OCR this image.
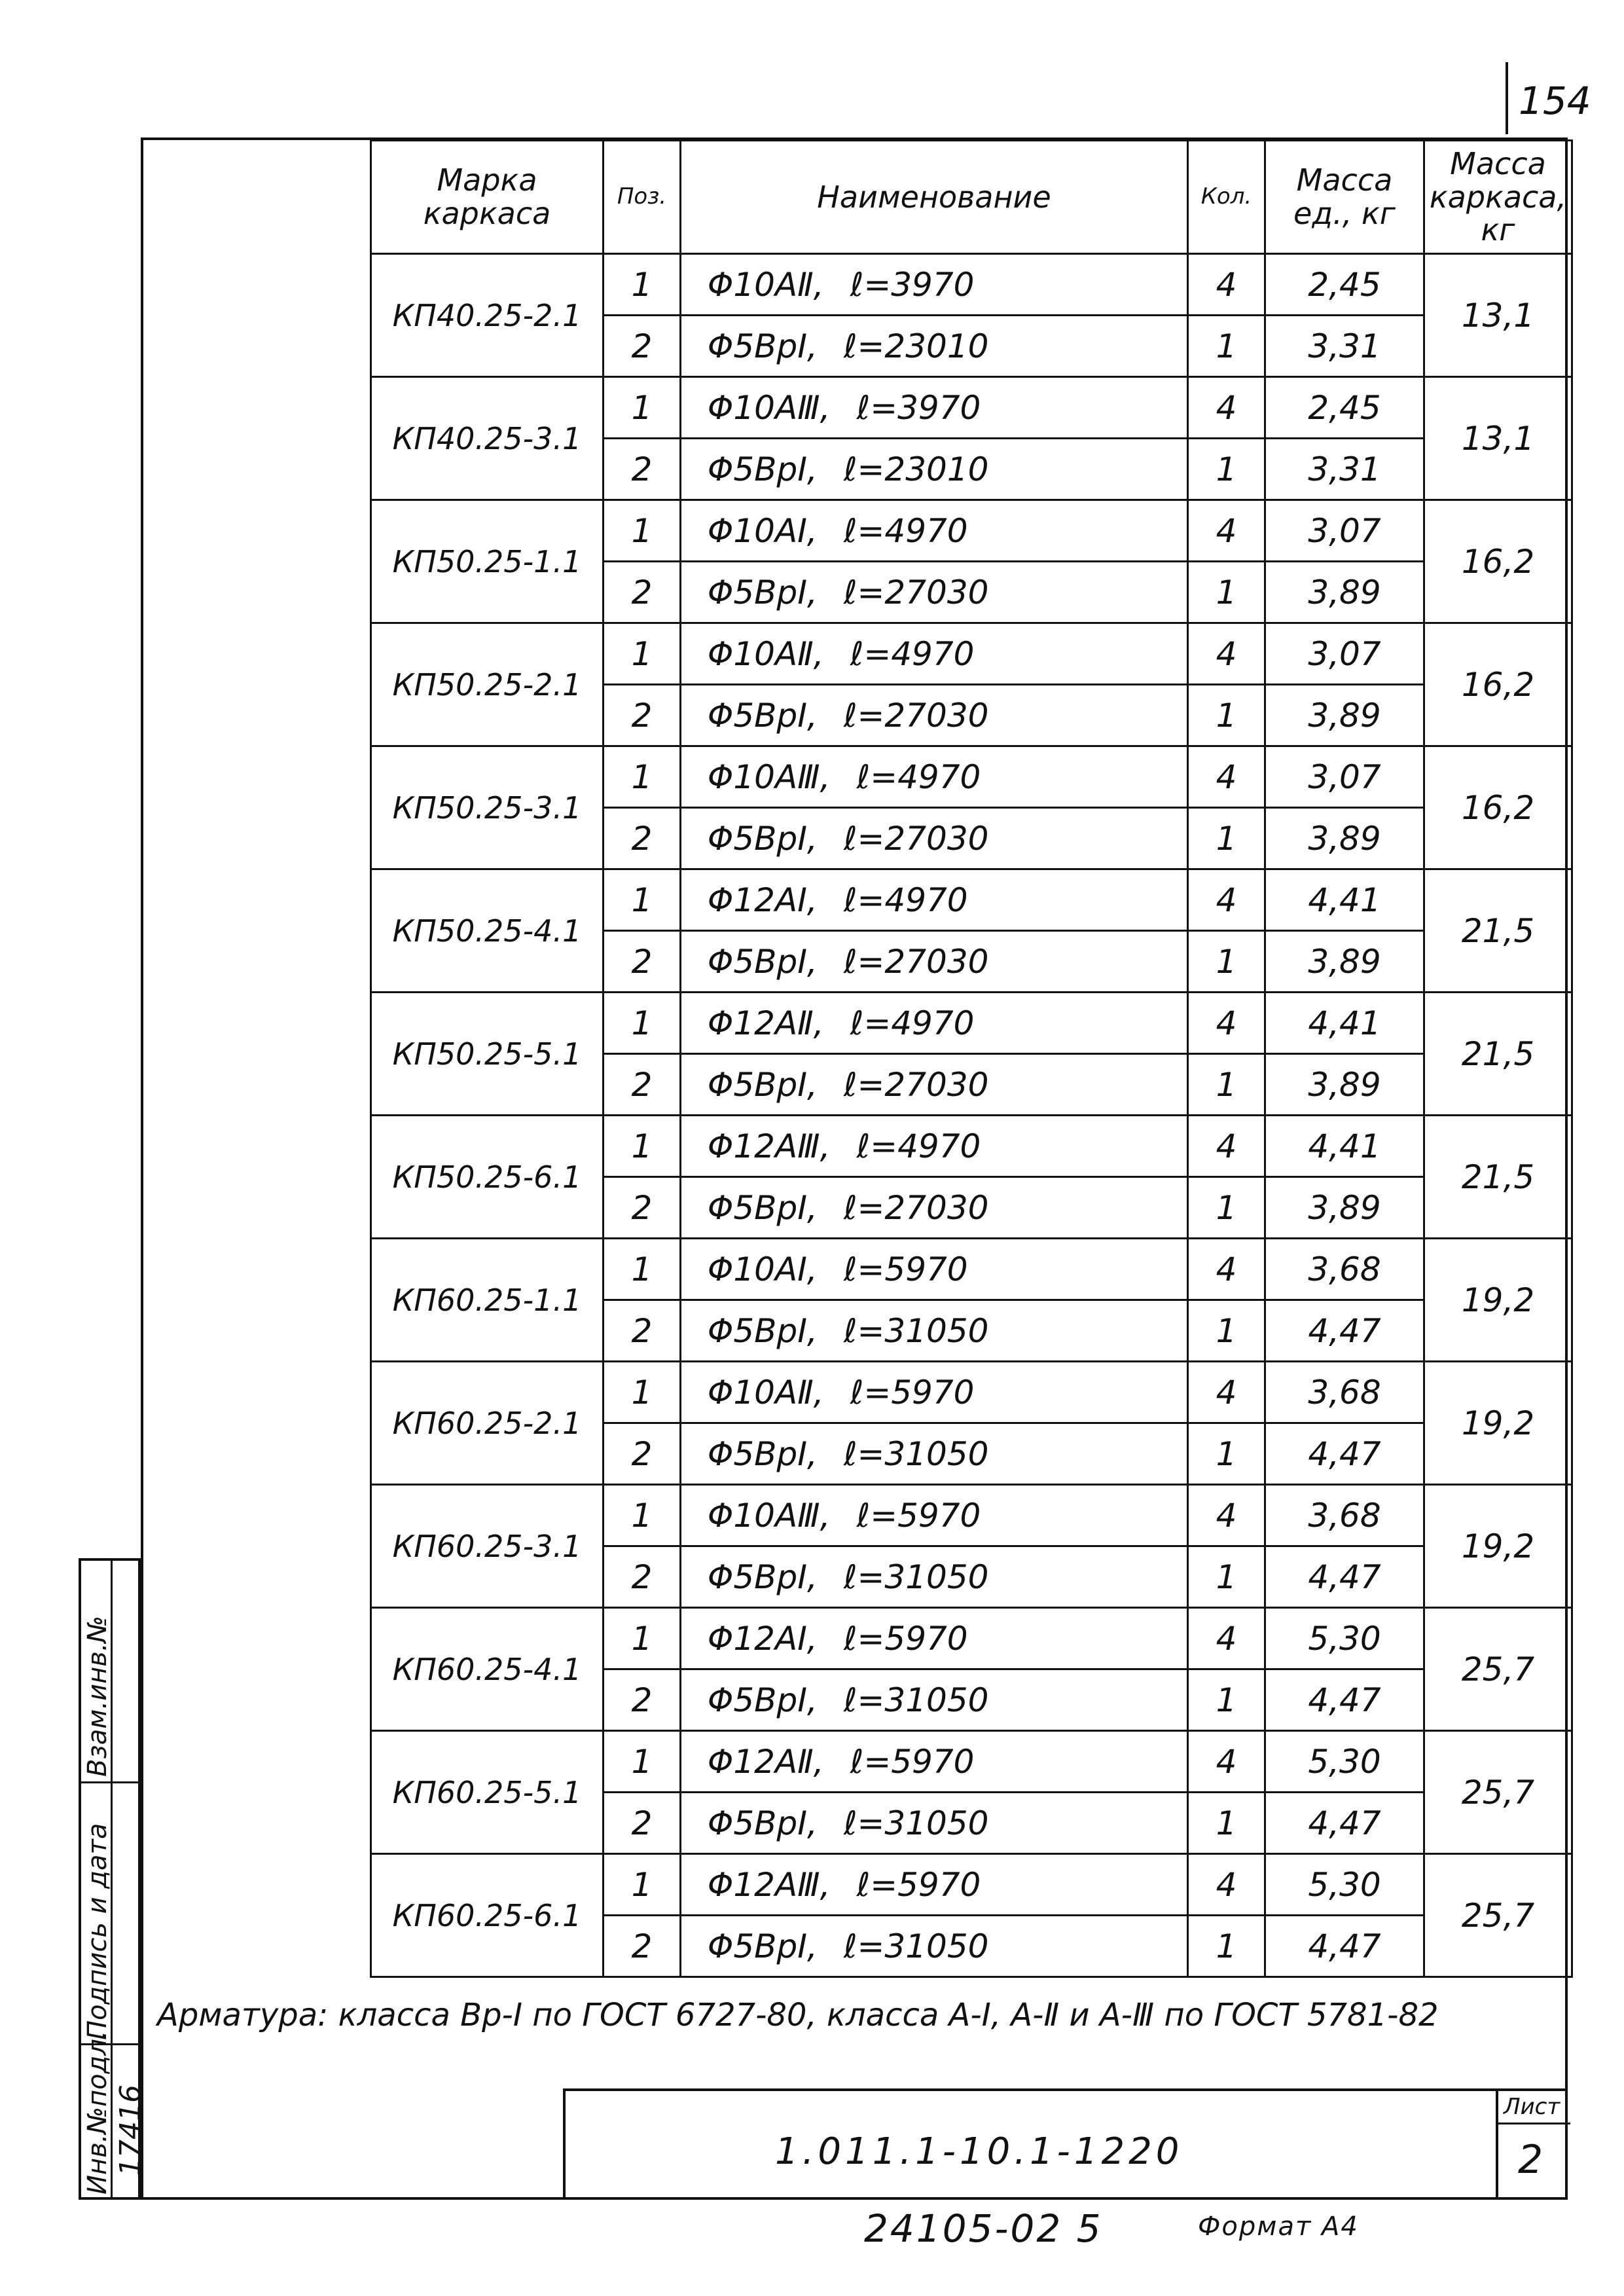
154
Марка каркаса	Поз.	Наименование	Кол.	Масса ед., кг	Масса каркаса, кг
КП40.25-2.1	1	Φ10АⅡ, ℓ=3970	4	2,45	13,1
	2	Φ5ВрI, ℓ=23010	1	3,31	
КП40.25-3.1	1	Φ10АⅢ, ℓ=3970	4	2,45	13,1
	2	Φ5ВрI, ℓ=23010	1	3,31	
КП50.25-1.1	1	Φ10АI, ℓ=4970	4	3,07	16,2
	2	Φ5ВрI, ℓ=27030	1	3,89	
КП50.25-2.1	1	Φ10АⅡ, ℓ=4970	4	3,07	16,2
	2	Φ5ВрI, ℓ=27030	1	3,89	
КП50.25-3.1	1	Φ10АⅢ, ℓ=4970	4	3,07	16,2
	2	Φ5ВрI, ℓ=27030	1	3,89	
КП50.25-4.1	1	Φ12АI, ℓ=4970	4	4,41	21,5
	2	Φ5ВрI, ℓ=27030	1	3,89	
КП50.25-5.1	1	Φ12АⅡ, ℓ=4970	4	4,41	21,5
	2	Φ5ВрI, ℓ=27030	1	3,89	
КП50.25-6.1	1	Φ12АⅢ, ℓ=4970	4	4,41	21,5
	2	Φ5ВрI, ℓ=27030	1	3,89	
КП60.25-1.1	1	Φ10АI, ℓ=5970	4	3,68	19,2
	2	Φ5ВрI, ℓ=31050	1	4,47	
КП60.25-2.1	1	Φ10АⅡ, ℓ=5970	4	3,68	19,2
	2	Φ5ВрI, ℓ=31050	1	4,47	
КП60.25-3.1	1	Φ10АⅢ, ℓ=5970	4	3,68	19,2
	2	Φ5ВрI, ℓ=31050	1	4,47	
КП60.25-4.1	1	Φ12АI, ℓ=5970	4	5,30	25,7
	2	Φ5ВрI, ℓ=31050	1	4,47	
КП60.25-5.1	1	Φ12АⅡ, ℓ=5970	4	5,30	25,7
	2	Φ5ВрI, ℓ=31050	1	4,47	
КП60.25-6.1	1	Φ12АⅢ, ℓ=5970	4	5,30	25,7
	2	Φ5ВрI, ℓ=31050	1	4,47	
Арматура: класса Вр-I по ГОСТ 6727-80, класса А-I, А-Ⅱ и А-Ⅲ по ГОСТ 5781-82
1.011.1-10.1-1220
Лист
2
Взам.инв.№
Подпись и дата
Инв.№подл. 17416
24105-02 5	Формат А4
